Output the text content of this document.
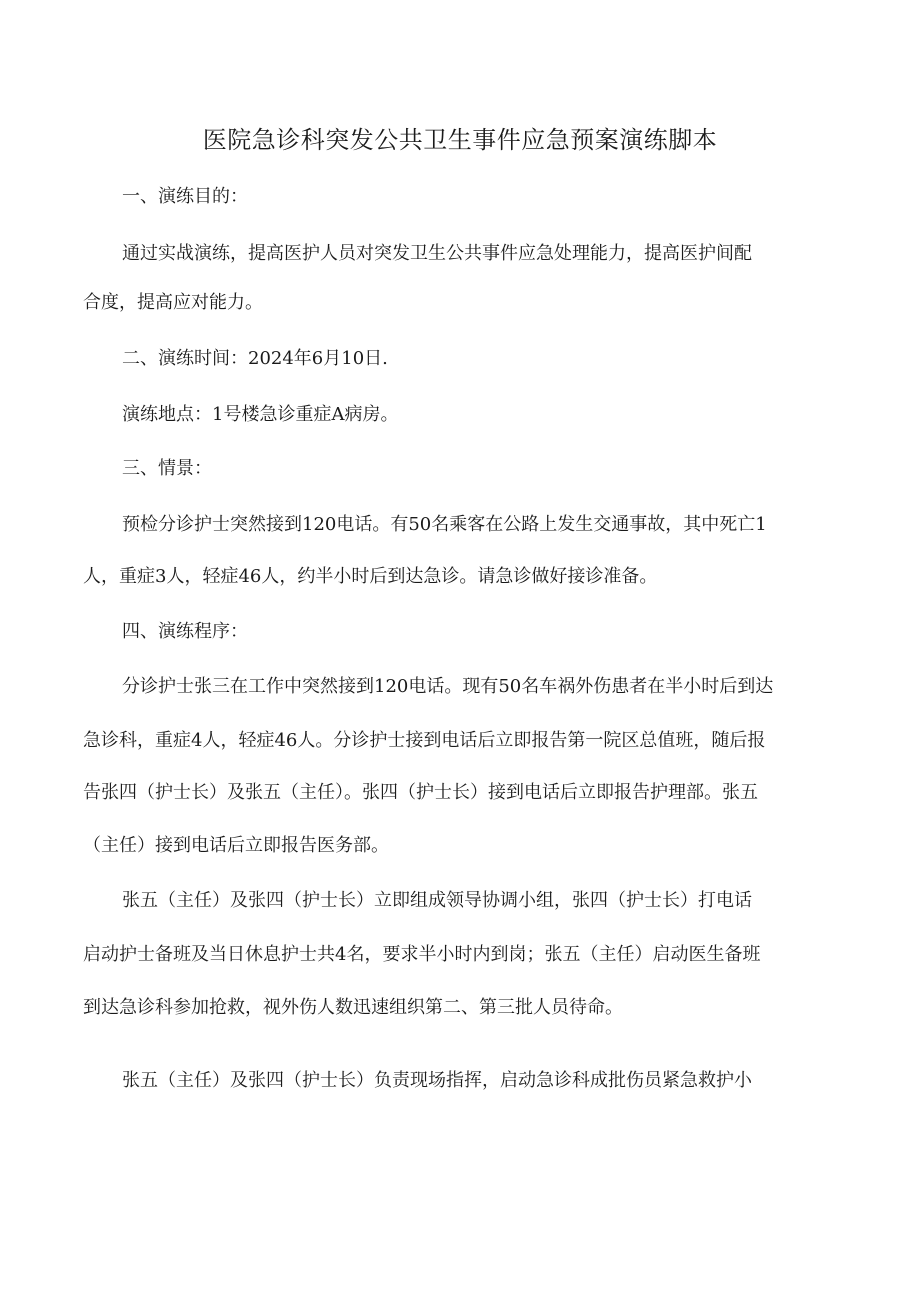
医院急诊科突发公共卫生事件应急预案演练脚本

一、演练目的：

通过实战演练，提高医护人员对突发卫生公共事件应急处理能力，提高医护间配

合度，提高应对能力。

二、演练时间：2024年6月10日.

演练地点：1号楼急诊重症A病房。

三、情景：

预检分诊护士突然接到120电话。有50名乘客在公路上发生交通事故，其中死亡1

人，重症3人，轻症46人，约半小时后到达急诊。请急诊做好接诊准备。

四、演练程序：

分诊护士张三在工作中突然接到120电话。现有50名车祸外伤患者在半小时后到达

急诊科，重症4人，轻症46人。分诊护士接到电话后立即报告第一院区总值班，随后报

告张四（护士长）及张五（主任）。张四（护士长）接到电话后立即报告护理部。张五

（主任）接到电话后立即报告医务部。

张五（主任）及张四（护士长）立即组成领导协调小组，张四（护士长）打电话

启动护士备班及当日休息护士共4名，要求半小时内到岗；张五（主任）启动医生备班

到达急诊科参加抢救，视外伤人数迅速组织第二、第三批人员待命。

张五（主任）及张四（护士长）负责现场指挥，启动急诊科成批伤员紧急救护小
